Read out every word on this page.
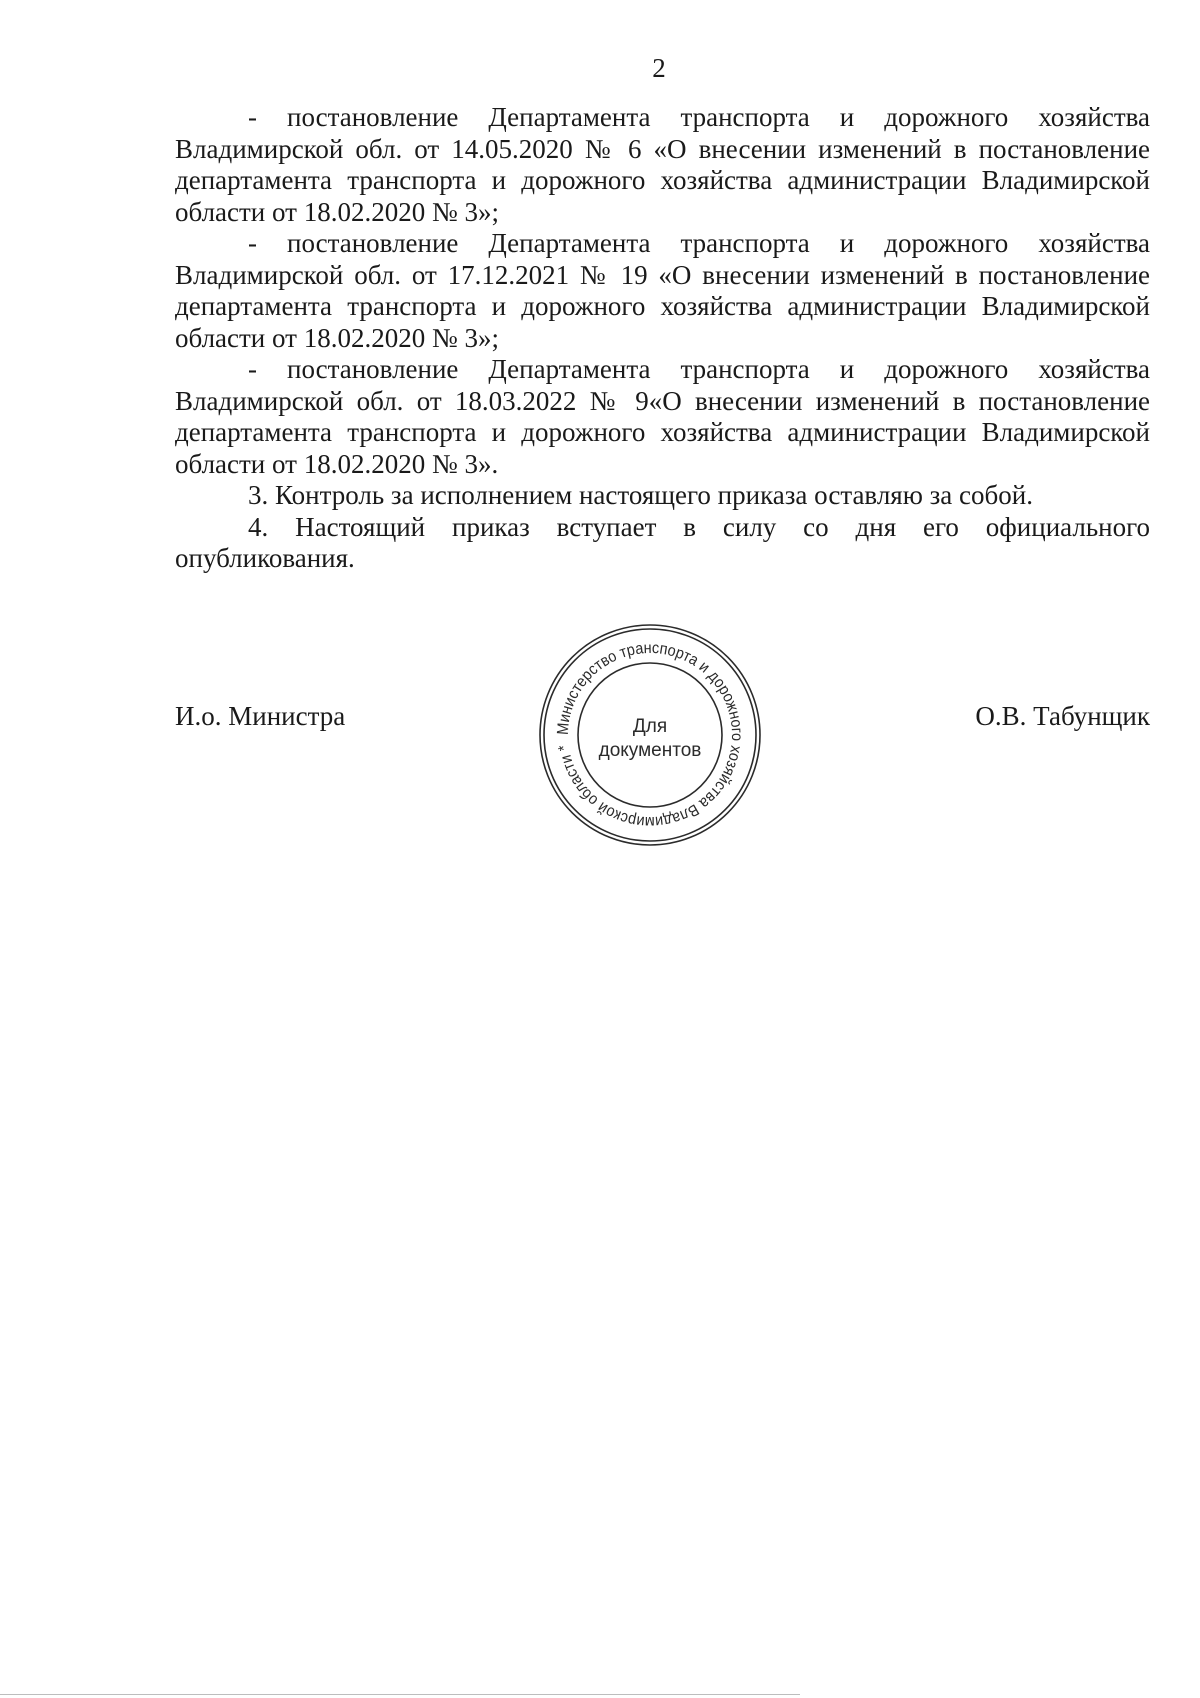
2

- постановление Департамента транспорта и дорожного хозяйства Владимирской обл. от 14.05.2020 № 6 «О внесении изменений в постановление департамента транспорта и дорожного хозяйства администрации Владимирской области от 18.02.2020 № 3»;

- постановление Департамента транспорта и дорожного хозяйства Владимирской обл. от 17.12.2021 № 19 «О внесении изменений в постановление департамента транспорта и дорожного хозяйства администрации Владимирской области от 18.02.2020 № 3»;

- постановление Департамента транспорта и дорожного хозяйства Владимирской обл. от 18.03.2022 № 9«О внесении изменений в постановление департамента транспорта и дорожного хозяйства администрации Владимирской области от 18.02.2020 № 3».

3. Контроль за исполнением настоящего приказа оставляю за собой.

4. Настоящий приказ вступает в силу со дня его официального опубликования.

И.о. Министра	О.В. Табунщик
Министерство транспорта и дорожного хозяйства Владимирской области *
Для
документов
